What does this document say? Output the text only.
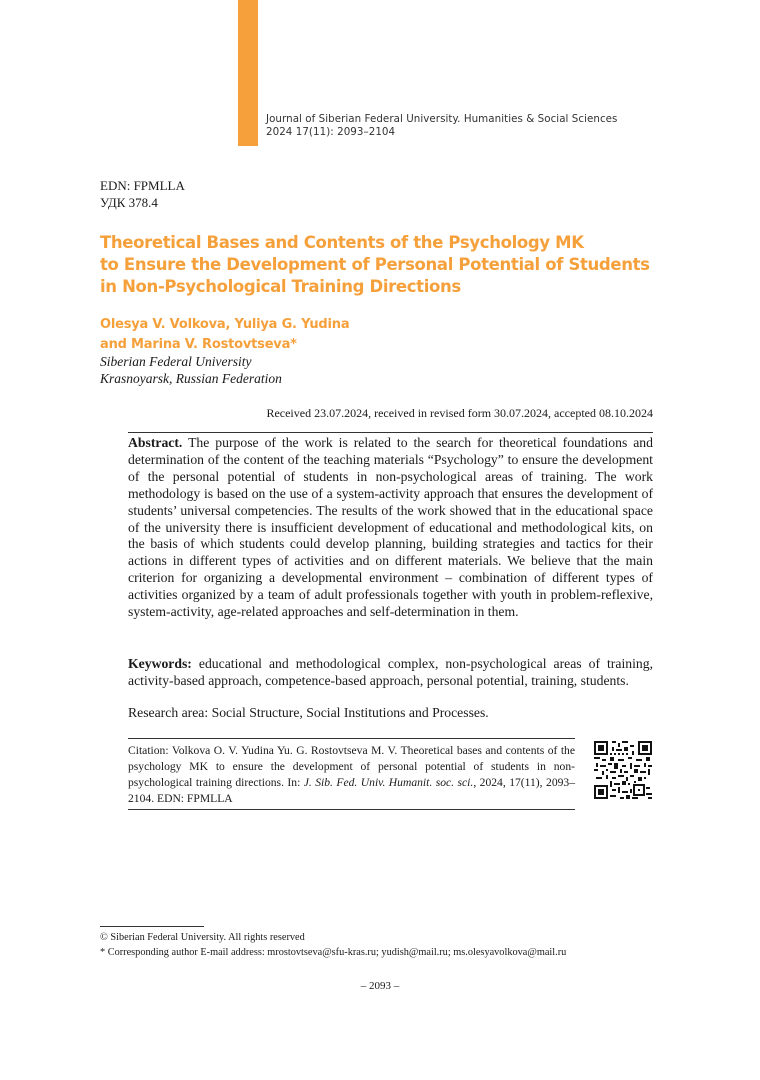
Journal of Siberian Federal University. Humanities & Social Sciences
2024 17(11): 2093–2104
EDN: FPMLLA
УДК 378.4
Theoretical Bases and Contents of the Psychology MK
to Ensure the Development of Personal Potential of Students
in Non-Psychological Training Directions
Olesya V. Volkova, Yuliya G. Yudina
and Marina V. Rostovtseva*
Siberian Federal University
Krasnoyarsk, Russian Federation
Received 23.07.2024, received in revised form 30.07.2024, accepted 08.10.2024
Abstract. The purpose of the work is related to the search for theoretical foundations and determination of the content of the teaching materials “Psychology” to ensure the development of the personal potential of students in non-psychological areas of training. The work methodology is based on the use of a system-activity approach that ensures the development of students’ universal competencies. The results of the work showed that in the educational space of the university there is insufficient development of educational and methodological kits, on the basis of which students could develop planning, building strategies and tactics for their actions in different types of activities and on different materials. We believe that the main criterion for organizing a developmental environment – combination of different types of activities organized by a team of adult professionals together with youth in problem-reflexive, system-activity, age-related approaches and self-determination in them.
Keywords: educational and methodological complex, non-psychological areas of training, activity-based approach, competence-based approach, personal potential, training, students.
Research area: Social Structure, Social Institutions and Processes.
Citation: Volkova O. V. Yudina Yu. G. Rostovtseva M. V. Theoretical bases and contents of the psychology MK to ensure the development of personal potential of students in non-psychological training directions. In: J. Sib. Fed. Univ. Humanit. soc. sci., 2024, 17(11), 2093–2104. EDN: FPMLLA
© Siberian Federal University. All rights reserved
* Corresponding author E-mail address: mrostovtseva@sfu-kras.ru; yudish@mail.ru; ms.olesyavolkova@mail.ru
– 2093 –
